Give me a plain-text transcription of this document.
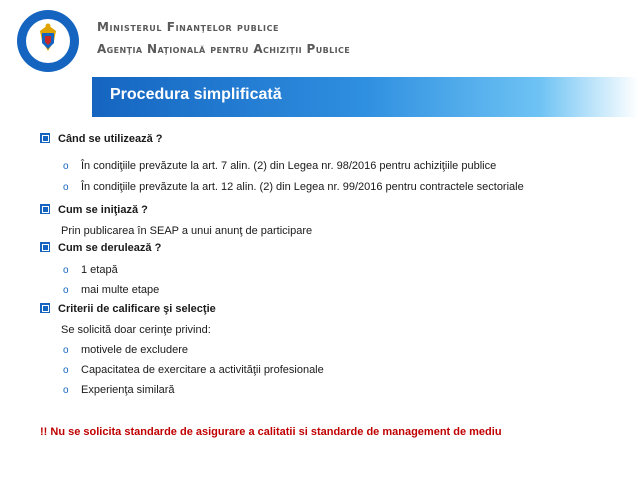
Ministerul Finanţelor publice
Agenţia Naţională pentru Achiziţii Publice
Procedura simplificată
Când se utilizează ?
o În condiţiile prevăzute la art. 7 alin. (2) din Legea nr. 98/2016 pentru achiziţiile publice
o În condiţiile prevăzute la art. 12 alin. (2) din Legea nr. 99/2016 pentru contractele sectoriale
Cum se iniţiază ?
Prin publicarea în SEAP a unui anunţ de participare
Cum se derulează ?
o 1 etapă
o mai multe etape
Criterii de calificare şi selecţie
Se solicită doar cerinţe privind:
o motivele de excludere
o Capacitatea de exercitare a activităţii profesionale
o Experienţa similară
!! Nu se solicita standarde de asigurare a calitatii si standarde de management de mediu
